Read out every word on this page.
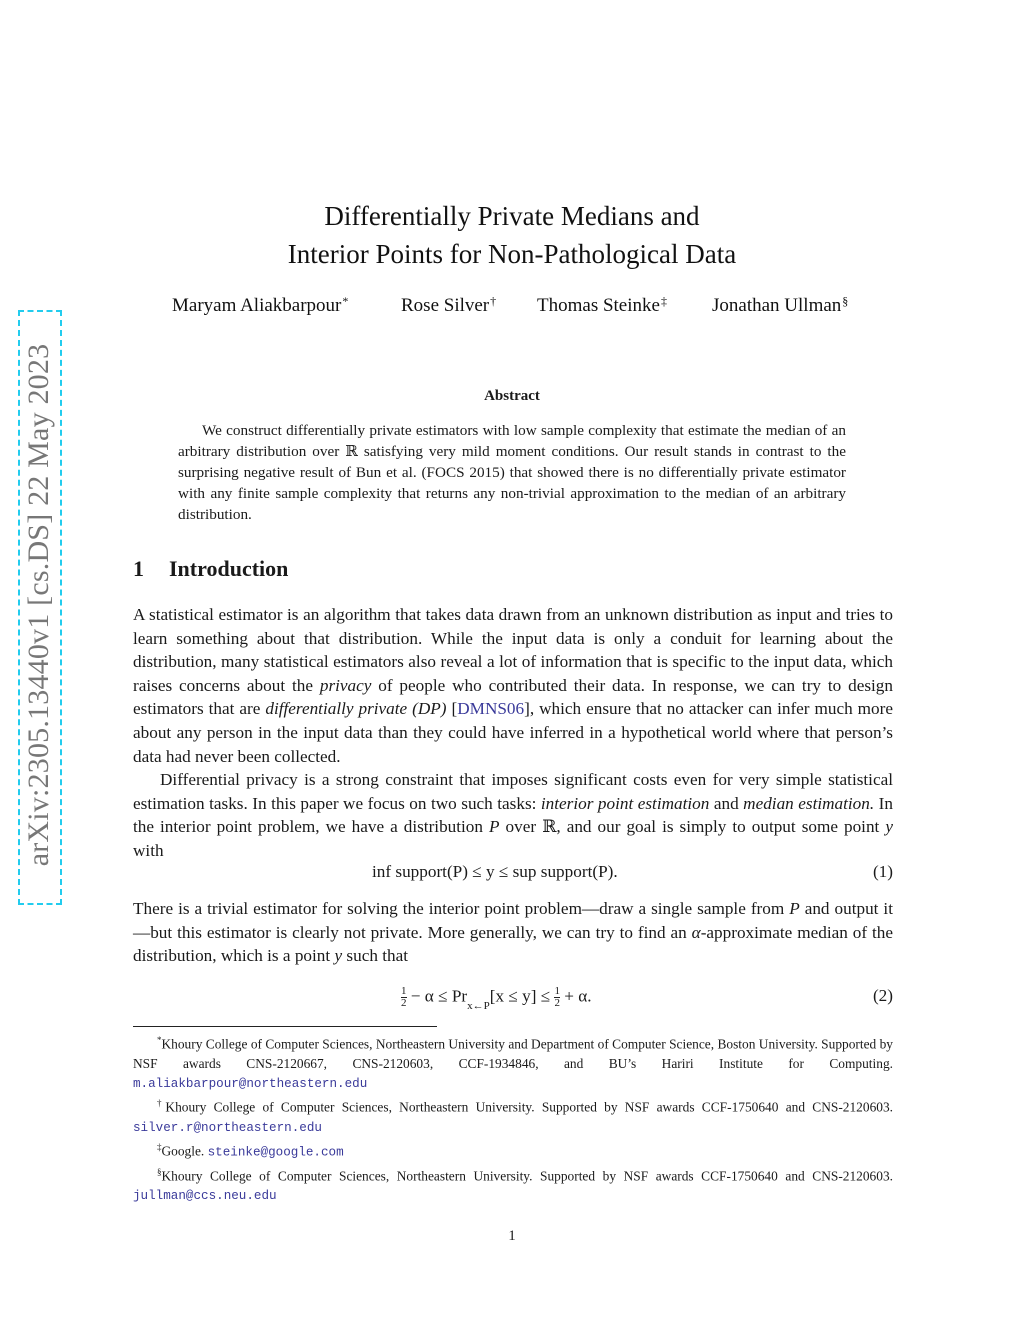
arXiv:2305.13440v1 [cs.DS] 22 May 2023
Differentially Private Medians and
Interior Points for Non-Pathological Data
Maryam Aliakbarpour*	Rose Silver† Thomas Steinke‡ Jonathan Ullman§
Abstract
We construct differentially private estimators with low sample complexity that estimate the median of an arbitrary distribution over ℝ satisfying very mild moment conditions. Our result stands in contrast to the surprising negative result of Bun et al. (FOCS 2015) that showed there is no differentially private estimator with any finite sample complexity that returns any non-trivial approximation to the median of an arbitrary distribution.
1 Introduction
A statistical estimator is an algorithm that takes data drawn from an unknown distribution as input and tries to learn something about that distribution. While the input data is only a conduit for learning about the distribution, many statistical estimators also reveal a lot of information that is specific to the input data, which raises concerns about the privacy of people who contributed their data. In response, we can try to design estimators that are differentially private (DP) [DMNS06], which ensure that no attacker can infer much more about any person in the input data than they could have inferred in a hypothetical world where that person’s data had never been collected.
Differential privacy is a strong constraint that imposes significant costs even for very simple statistical estimation tasks. In this paper we focus on two such tasks: interior point estimation and median estimation. In the interior point problem, we have a distribution P over ℝ, and our goal is simply to output some point y with
inf support(P) ≤ y ≤ sup support(P).	(1)
There is a trivial estimator for solving the interior point problem—draw a single sample from P and output it—but this estimator is clearly not private. More generally, we can try to find an α-approximate median of the distribution, which is a point y such that
$\frac{1}{2} - \alpha \le Pr_{x\leftarrow P}[x \le y] \le \frac{1}{2} + \alpha$.	(2)

*Khoury College of Computer Sciences, Northeastern University and Department of Computer Science, Boston University. Supported by NSF awards CNS-2120667, CNS-2120603, CCF-1934846, and BU’s Hariri Institute for Computing. m.aliakbarpour@northeastern.edu

†Khoury College of Computer Sciences, Northeastern University. Supported by NSF awards CCF-1750640 and CNS-2120603. silver.r@northeastern.edu

‡Google. steinke@google.com

§Khoury College of Computer Sciences, Northeastern University. Supported by NSF awards CCF-1750640 and CNS-2120603. jullman@ccs.neu.edu

1
